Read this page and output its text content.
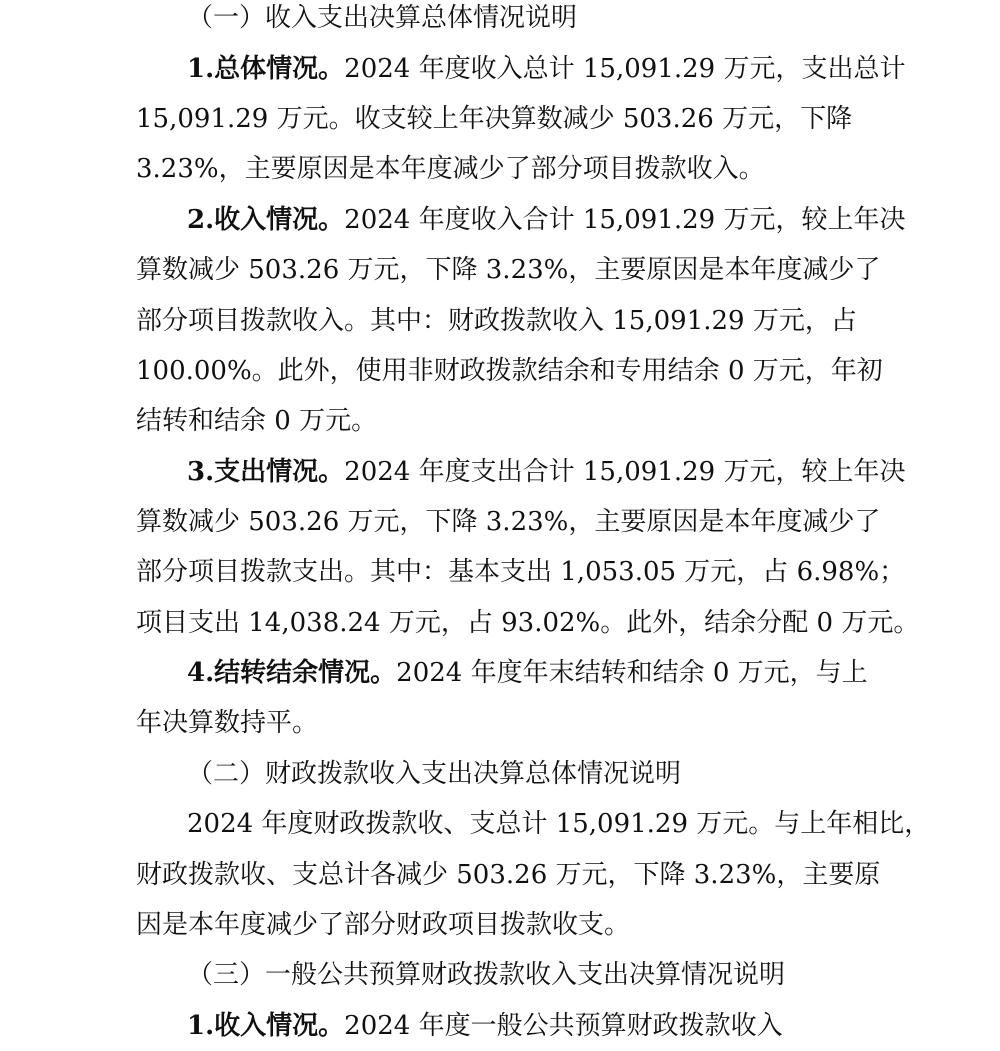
（一）收入支出决算总体情况说明
1.总体情况。2024 年度收入总计 15,091.29 万元，支出总计
15,091.29 万元。收支较上年决算数减少 503.26 万元，下降
3.23%，主要原因是本年度减少了部分项目拨款收入。
2.收入情况。2024 年度收入合计 15,091.29 万元，较上年决
算数减少 503.26 万元，下降 3.23%，主要原因是本年度减少了
部分项目拨款收入。其中：财政拨款收入 15,091.29 万元，占
100.00%。此外，使用非财政拨款结余和专用结余 0 万元，年初
结转和结余 0 万元。
3.支出情况。2024 年度支出合计 15,091.29 万元，较上年决
算数减少 503.26 万元，下降 3.23%，主要原因是本年度减少了
部分项目拨款支出。其中：基本支出 1,053.05 万元，占 6.98%；
项目支出 14,038.24 万元，占 93.02%。此外，结余分配 0 万元。
4.结转结余情况。2024 年度年末结转和结余 0 万元，与上
年决算数持平。
（二）财政拨款收入支出决算总体情况说明
2024 年度财政拨款收、支总计 15,091.29 万元。与上年相比，
财政拨款收、支总计各减少 503.26 万元，下降 3.23%，主要原
因是本年度减少了部分财政项目拨款收支。
（三）一般公共预算财政拨款收入支出决算情况说明
1.收入情况。2024 年度一般公共预算财政拨款收入
